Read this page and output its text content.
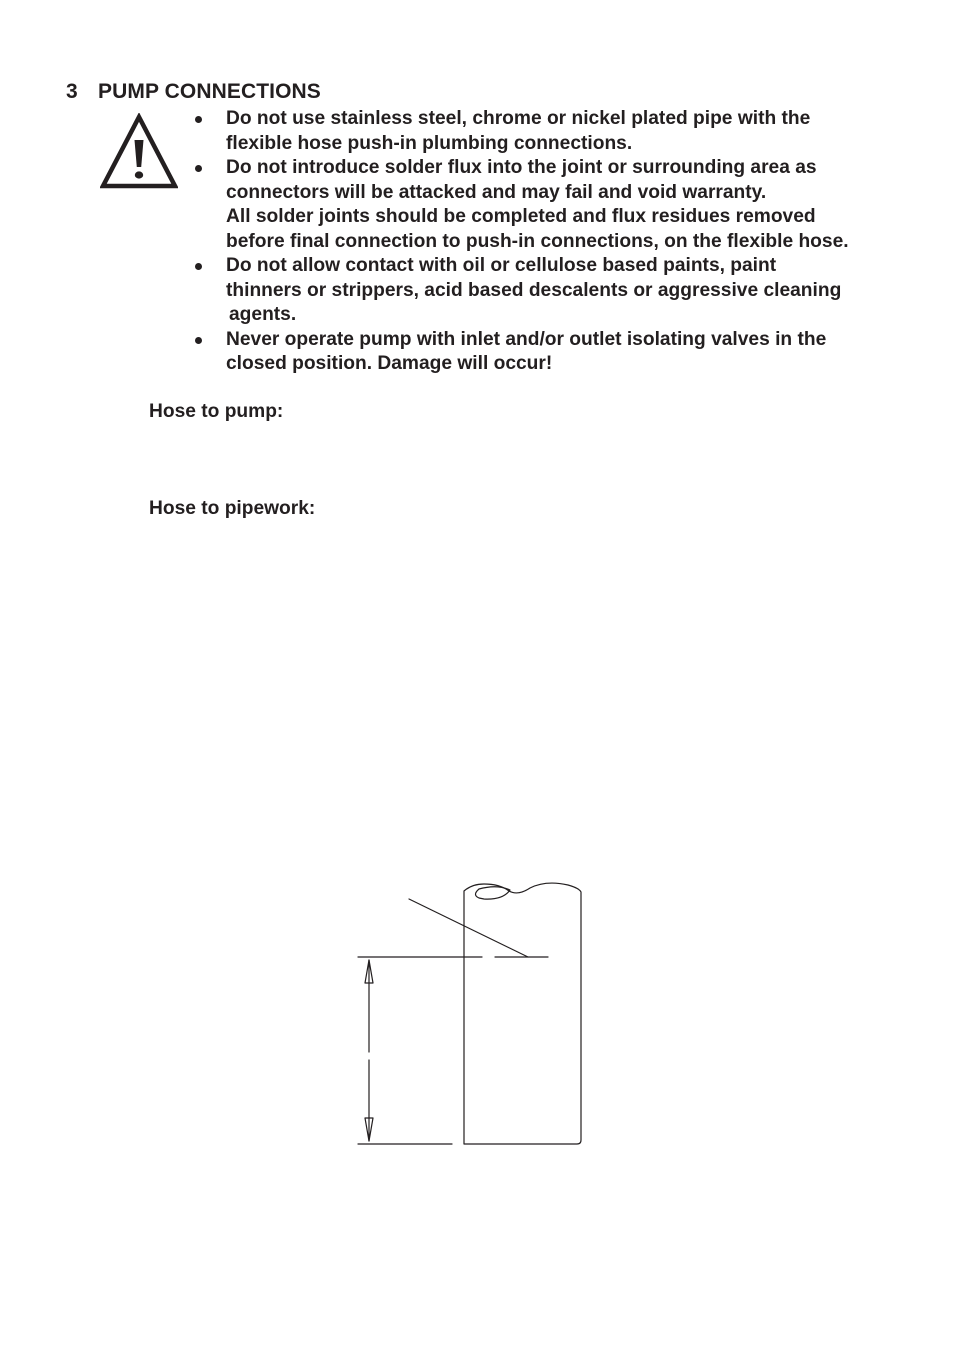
3 PUMP CONNECTIONS
Do not use stainless steel, chrome or nickel plated pipe with the
flexible hose push-in plumbing connections.
Do not introduce solder flux into the joint or surrounding area as
connectors will be attacked and may fail and void warranty.
All solder joints should be completed and flux residues removed
before final connection to push-in connections, on the flexible hose.
Do not allow contact with oil or cellulose based paints, paint
thinners or strippers, acid based descalents or aggressive cleaning
agents.
Never operate pump with inlet and/or outlet isolating valves in the
closed position. Damage will occur!
Hose to pump:
Hose to pipework:
